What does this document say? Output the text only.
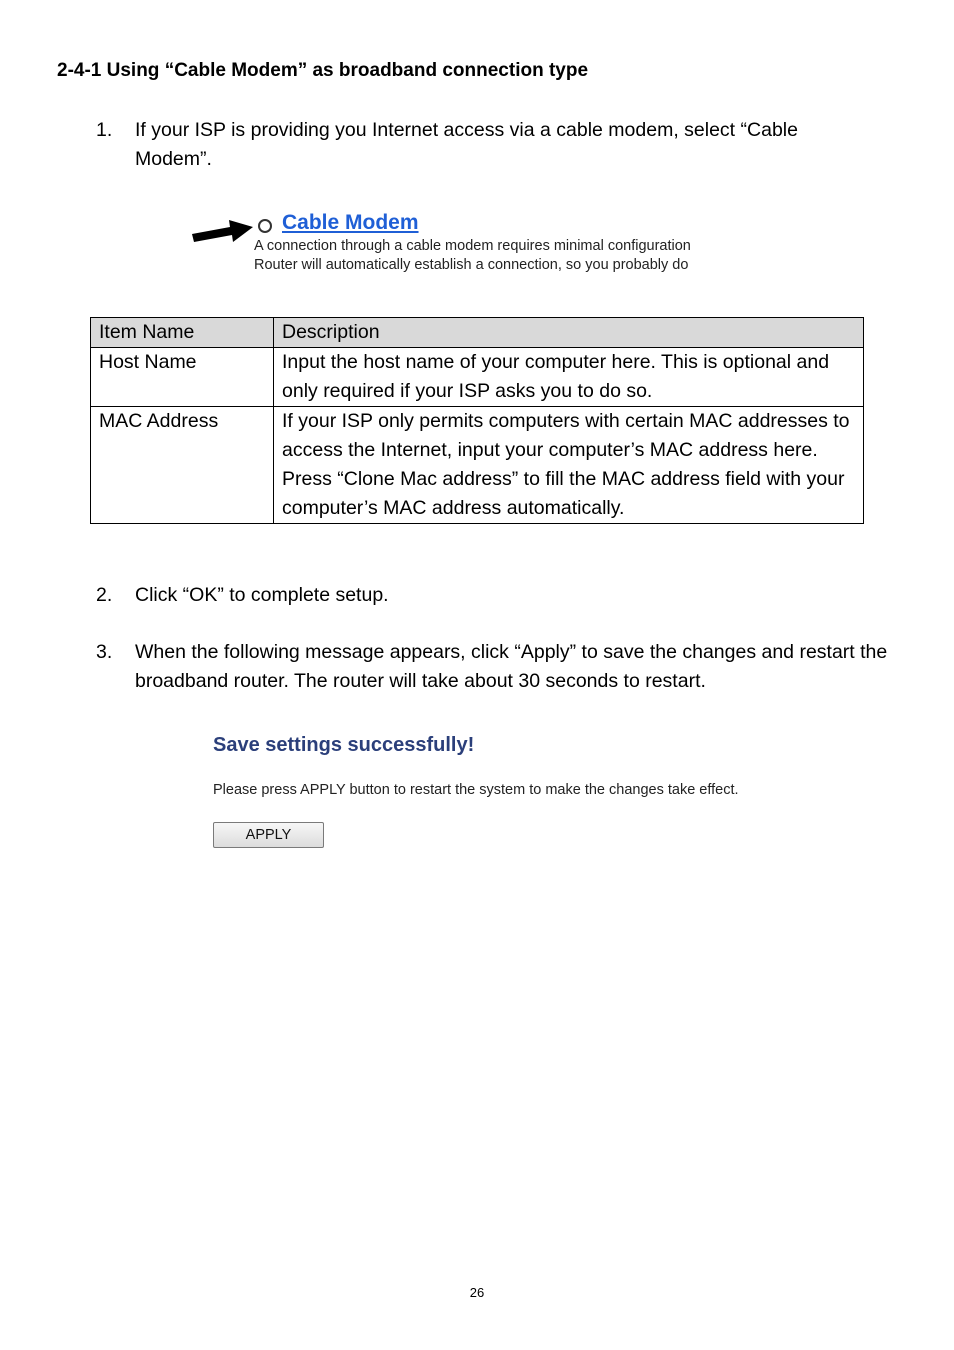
2-4-1 Using “Cable Modem” as broadband connection type
1. If your ISP is providing you Internet access via a cable modem, select “Cable Modem”.
Cable Modem
A connection through a cable modem requires minimal configuration
Router will automatically establish a connection, so you probably do
Item Name	Description
Host Name	Input the host name of your computer here. This is optional and only required if your ISP asks you to do so.
MAC Address	If your ISP only permits computers with certain MAC addresses to access the Internet, input your computer’s MAC address here. Press “Clone Mac address” to fill the MAC address field with your computer’s MAC address automatically.
2. Click “OK” to complete setup.
3. When the following message appears, click “Apply” to save the changes and restart the broadband router. The router will take about 30 seconds to restart.
Save settings successfully!
Please press APPLY button to restart the system to make the changes take effect.
APPLY
26
